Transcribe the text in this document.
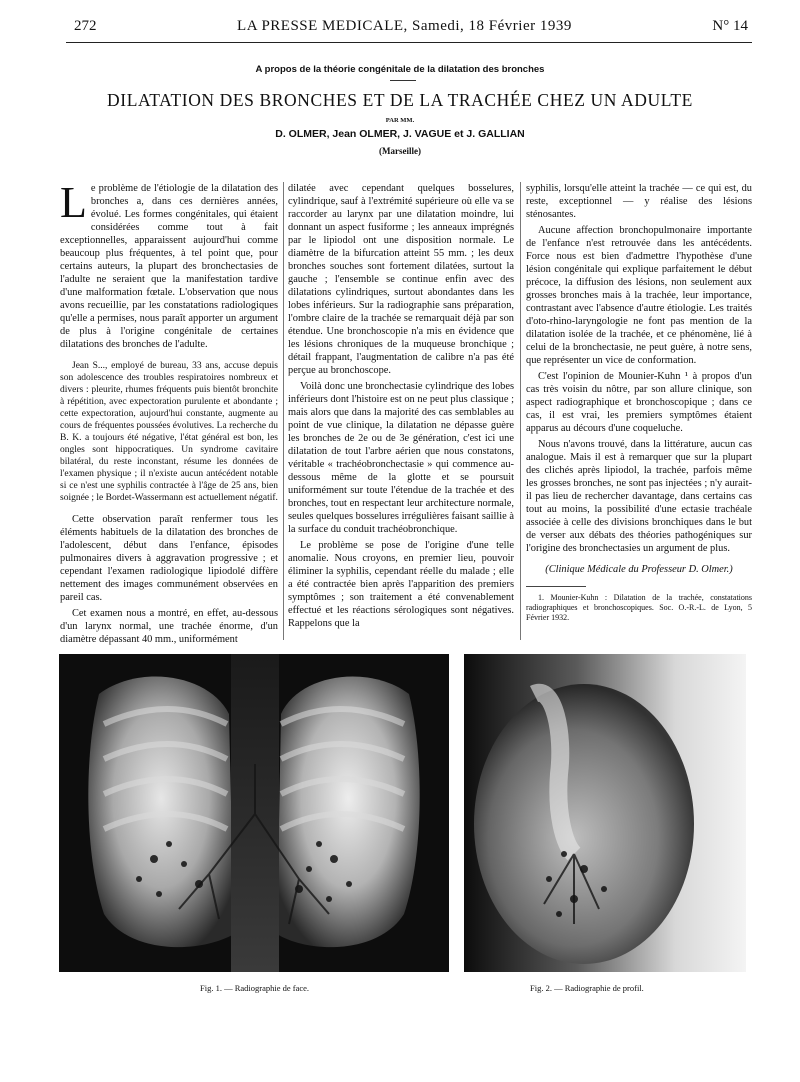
272	LA PRESSE MEDICALE, Samedi, 18 Février 1939	N° 14
A propos de la théorie congénitale de la dilatation des bronches
DILATATION DES BRONCHES ET DE LA TRACHÉE CHEZ UN ADULTE
PAR MM.
D. OLMER, Jean OLMER, J. VAGUE et J. GALLIAN
(Marseille)

Le problème de l'étiologie de la dilatation des bronches a, dans ces dernières années, évolué. Les formes congénitales, qui étaient considérées comme tout à fait exceptionnelles, apparaissent aujourd'hui comme beaucoup plus fréquentes, à tel point que, pour certains auteurs, la plupart des bronchectasies de l'adulte ne seraient que la manifestation tardive d'une malformation fœtale. L'observation que nous avons recueillie, par les constatations radiologiques qu'elle a permises, nous paraît apporter un argument de plus à l'origine congénitale de certaines dilatations des bronches de l'adulte.

Jean S..., employé de bureau, 33 ans, accuse depuis son adolescence des troubles respiratoires nombreux et divers : pleurite, rhumes fréquents puis bientôt bronchite à répétition, avec expectoration purulente et abondante ; cette expectoration, aujourd'hui constante, augmente au cours de fréquentes poussées évolutives. La recherche du B. K. a toujours été négative, l'état général est bon, les ongles sont hippocratiques. Un syndrome cavitaire bilatéral, du reste inconstant, résume les données de l'examen physique ; il n'existe aucun antécédent notable si ce n'est une syphilis contractée à l'âge de 25 ans, bien soignée ; le Bordet-Wassermann est actuellement négatif.

Cette observation paraît renfermer tous les éléments habituels de la dilatation des bronches de l'adolescent, début dans l'enfance, épisodes pulmonaires divers à aggravation progressive ; et cependant l'examen radiologique lipiodolé diffère nettement des images communément observées en pareil cas.

Cet examen nous a montré, en effet, au-dessous d'un larynx normal, une trachée énorme, d'un diamètre dépassant 40 mm., uniformément

dilatée avec cependant quelques bosselures, cylindrique, sauf à l'extrémité supérieure où elle va se raccorder au larynx par une dilatation moindre, lui donnant un aspect fusiforme ; les anneaux imprégnés par le lipiodol ont une disposition normale. Le diamètre de la bifurcation atteint 55 mm. ; les deux bronches souches sont fortement dilatées, surtout la gauche ; l'ensemble se continue enfin avec des dilatations cylindriques, surtout abondantes dans les lobes inférieurs. Sur la radiographie sans préparation, l'ombre claire de la trachée se remarquait déjà par son étendue. Une bronchoscopie n'a mis en évidence que les lésions chroniques de la muqueuse bronchique ; détail frappant, l'augmentation de calibre n'a pas été perçue au bronchoscope.

Voilà donc une bronchectasie cylindrique des lobes inférieurs dont l'histoire est on ne peut plus classique ; mais alors que dans la majorité des cas semblables au point de vue clinique, la dilatation ne dépasse guère les bronches de 2e ou de 3e génération, c'est ici une dilatation de tout l'arbre aérien que nous constatons, véritable « trachéobronchectasie » qui commence au-dessous même de la glotte et se poursuit uniformément sur toute l'étendue de la trachée et des bronches, tout en respectant leur architecture normale, seules quelques bosselures irrégulières faisant saillie à la surface du conduit trachéobronchique.

Le problème se pose de l'origine d'une telle anomalie. Nous croyons, en premier lieu, pouvoir éliminer la syphilis, cependant réelle du malade ; elle a été contractée bien après l'apparition des premiers symptômes ; son traitement a été convenablement effectué et les réactions sérologiques sont négatives. Rappelons que la

syphilis, lorsqu'elle atteint la trachée — ce qui est, du reste, exceptionnel — y réalise des lésions sténosantes.

Aucune affection bronchopulmonaire importante de l'enfance n'est retrouvée dans les antécédents. Force nous est bien d'admettre l'hypothèse d'une lésion congénitale qui explique parfaitement le début précoce, la diffusion des lésions, non seulement aux grosses bronches mais à la trachée, leur importance, contrastant avec l'absence d'autre étiologie. Les traités d'oto-rhino-laryngologie ne font pas mention de la dilatation isolée de la trachée, et ce phénomène, lié à celui de la bronchectasie, ne peut guère, à notre sens, que représenter un vice de conformation.

C'est l'opinion de Mounier-Kuhn ¹ à propos d'un cas très voisin du nôtre, par son allure clinique, son aspect radiographique et bronchoscopique ; dans ce cas, il est vrai, les premiers symptômes étaient apparus au décours d'une coqueluche.

Nous n'avons trouvé, dans la littérature, aucun cas analogue. Mais il est à remarquer que sur la plupart des clichés après lipiodol, la trachée, parfois même les grosses bronches, ne sont pas injectées ; n'y aurait-il pas lieu de rechercher davantage, dans certains cas tout au moins, la possibilité d'une ectasie trachéale associée à celle des divisions bronchiques dans le but de verser aux débats des théories pathogéniques sur l'origine des bronchectasies un argument de plus.

(Clinique Médicale du Professeur D. Olmer.)

1. Mounier-Kuhn : Dilatation de la trachée, constatations radiographiques et bronchoscopiques. Soc. O.-R.-L. de Lyon, 5 Février 1932.

Fig. 1. — Radiographie de face.	Fig. 2. — Radiographie de profil.
